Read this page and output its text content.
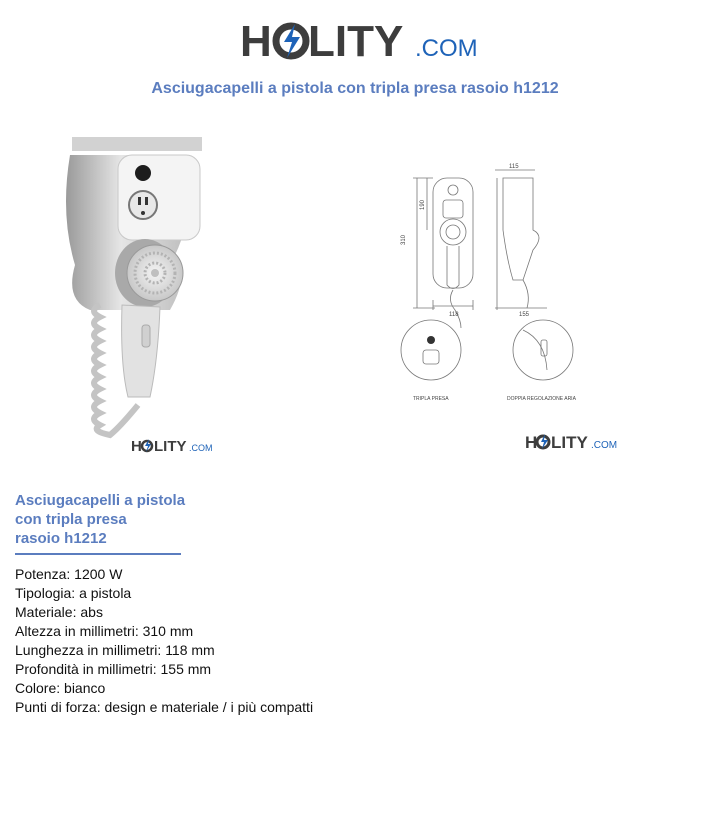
H LITY .COM
Asciugacapelli a pistola con tripla presa rasoio h1212
H LITY .COM
310
190
118
115
155
TRIPLA PRESA	DOPPIA REGOLAZIONE ARIA
H LITY .COM
Asciugacapelli a pistola
con tripla presa
rasoio h1212
Potenza: 1200 W
Tipologia: a pistola
Materiale: abs
Altezza in millimetri: 310 mm
Lunghezza in millimetri: 118 mm
Profondità in millimetri: 155 mm
Colore: bianco
Punti di forza: design e materiale / i più compatti
